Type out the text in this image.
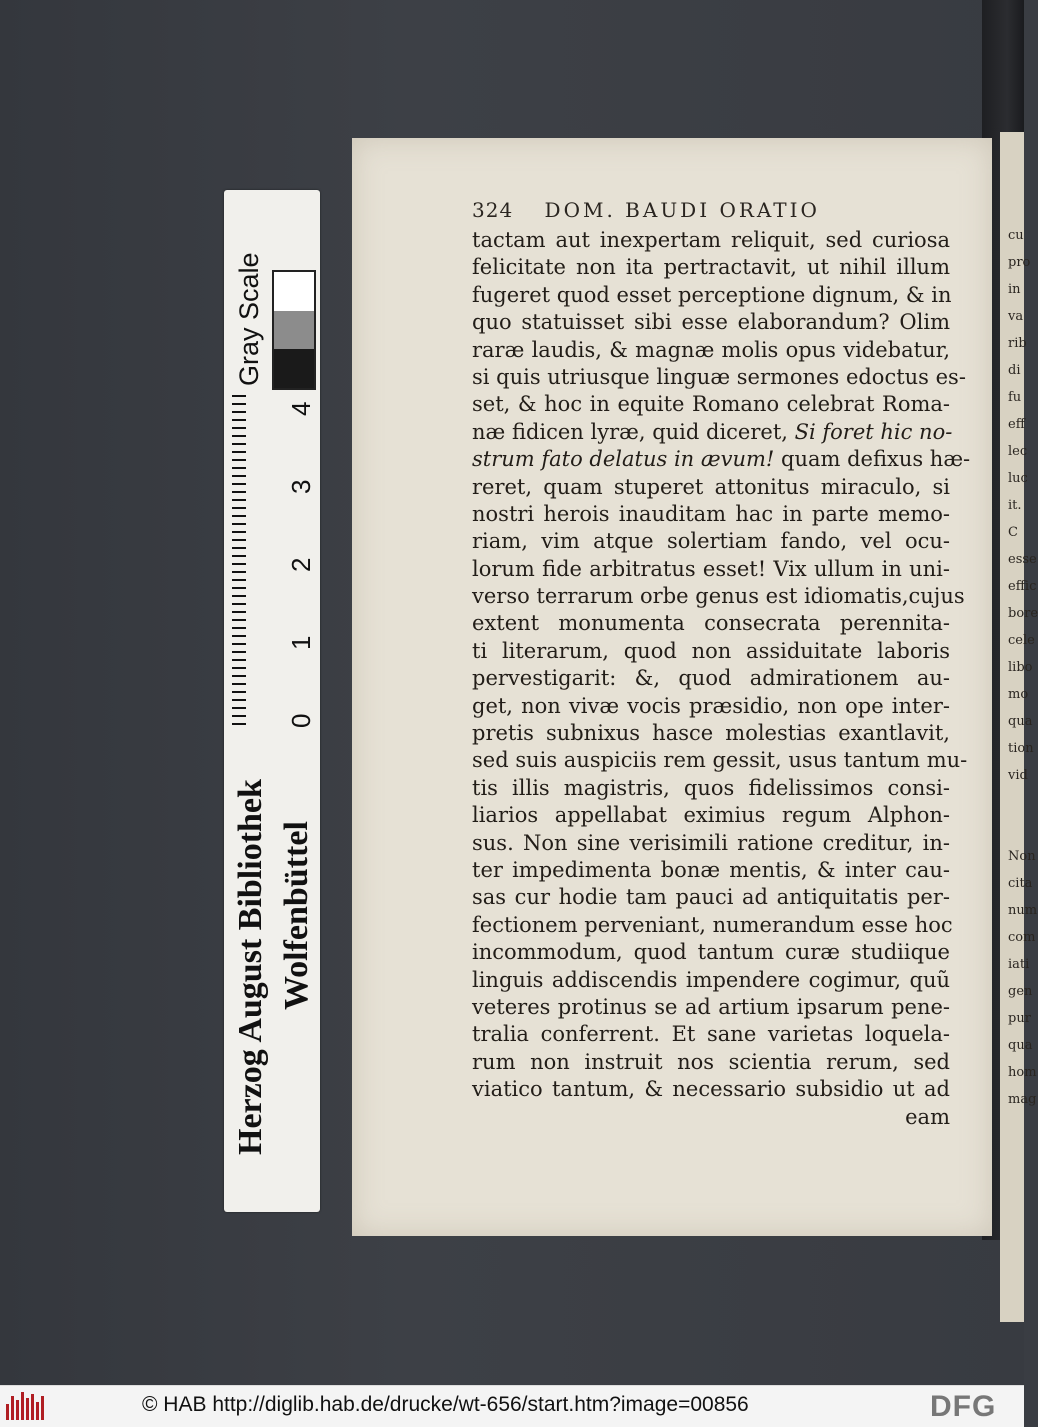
Herzog August Bibliothek Wolfenbüttel
Gray Scale
0
1
2
3
4
cu
pro
in
va
rib
di
fu
eff
lec
luc
it. C
esse
effic
bore
cele
libo
mo
qua
tion
vid

Non
cita
num
com
iati
gen
pur
qua
hom
mag
324 DOM. BAUDI ORATIO
tactam aut inexpertam reliquit, sed curiosa
felicitate non ita pertractavit, ut nihil illum
fugeret quod esset perceptione dignum, & in
quo statuisset sibi esse elaborandum? Olim
raræ laudis, & magnæ molis opus videbatur,
si quis utriusque linguæ sermones edoctus es-
set, & hoc in equite Romano celebrat Roma-
næ fidicen lyræ, quid diceret, Si foret hic no-
strum fato delatus in ævum! quam defixus hæ-
reret, quam stuperet attonitus miraculo, si
nostri herois inauditam hac in parte memo-
riam, vim atque solertiam fando, vel ocu-
lorum fide arbitratus esset! Vix ullum in uni-
verso terrarum orbe genus est idiomatis,cujus
extent monumenta consecrata perennita-
ti literarum, quod non assiduitate laboris
pervestigarit: &, quod admirationem au-
get, non vivæ vocis præsidio, non ope inter-
pretis subnixus hasce molestias exantlavit,
sed suis auspiciis rem gessit, usus tantum mu-
tis illis magistris, quos fidelissimos consi-
liarios appellabat eximius regum Alphon-
sus. Non sine verisimili ratione creditur, in-
ter impedimenta bonæ mentis, & inter cau-
sas cur hodie tam pauci ad antiquitatis per-
fectionem perveniant, numerandum esse hoc
incommodum, quod tantum curæ studiique
linguis addiscendis impendere cogimur, quũ
veteres protinus se ad artium ipsarum pene-
tralia conferrent. Et sane varietas loquela-
rum non instruit nos scientia rerum, sed
viatico tantum, & necessario subsidio ut ad
eam
© HAB http://diglib.hab.de/drucke/wt-656/start.htm?image=00856	DFG
